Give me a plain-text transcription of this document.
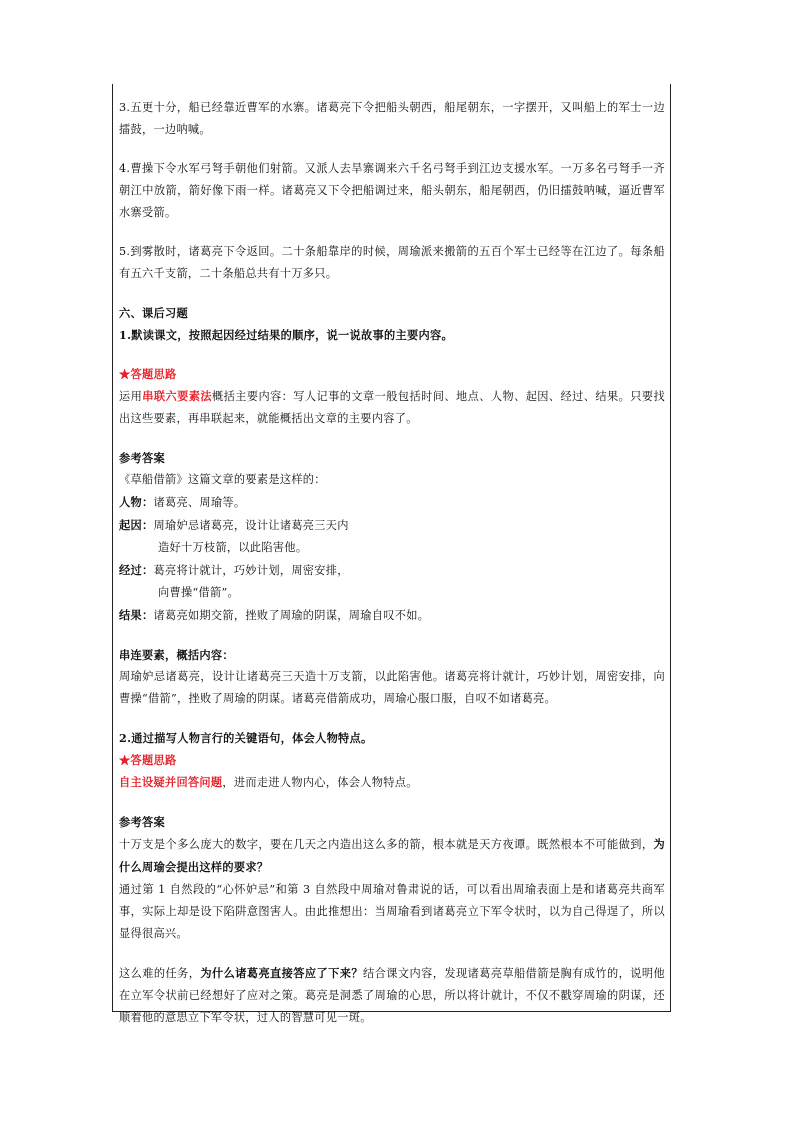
3.五更十分，船已经靠近曹军的水寨。诸葛亮下令把船头朝西，船尾朝东，一字摆开，又叫船上的军士一边擂鼓，一边呐喊。

4.曹操下令水军弓弩手朝他们射箭。又派人去旱寨调来六千名弓弩手到江边支援水军。一万多名弓弩手一齐朝江中放箭，箭好像下雨一样。诸葛亮又下令把船调过来，船头朝东，船尾朝西，仍旧擂鼓呐喊，逼近曹军水寨受箭。

5.到雾散时，诸葛亮下令返回。二十条船靠岸的时候，周瑜派来搬箭的五百个军士已经等在江边了。每条船有五六千支箭，二十条船总共有十万多只。

六、课后习题

1.默读课文，按照起因经过结果的顺序，说一说故事的主要内容。

★答题思路

运用串联六要素法概括主要内容：写人记事的文章一般包括时间、地点、人物、起因、经过、结果。只要找出这些要素，再串联起来，就能概括出文章的主要内容了。

参考答案

《草船借箭》这篇文章的要素是这样的：

人物：诸葛亮、周瑜等。

起因：周瑜妒忌诸葛亮，设计让诸葛亮三天内

造好十万枝箭，以此陷害他。

经过：葛亮将计就计，巧妙计划，周密安排，

向曹操“借箭”。

结果：诸葛亮如期交箭，挫败了周瑜的阴谋，周瑜自叹不如。

串连要素，概括内容：

周瑜妒忌诸葛亮，设计让诸葛亮三天造十万支箭，以此陷害他。诸葛亮将计就计，巧妙计划，周密安排，向曹操“借箭”，挫败了周瑜的阴谋。诸葛亮借箭成功，周瑜心服口服，自叹不如诸葛亮。

2.通过描写人物言行的关键语句，体会人物特点。

★答题思路

自主设疑并回答问题，进而走进人物内心，体会人物特点。

参考答案

十万支是个多么庞大的数字，要在几天之内造出这么多的箭，根本就是天方夜谭。既然根本不可能做到，为什么周瑜会提出这样的要求？

通过第 1 自然段的“心怀妒忌”和第 3 自然段中周瑜对鲁肃说的话，可以看出周瑜表面上是和诸葛亮共商军事，实际上却是设下陷阱意图害人。由此推想出：当周瑜看到诸葛亮立下军令状时，以为自己得逞了，所以显得很高兴。

这么难的任务，为什么诸葛亮直接答应了下来？结合课文内容，发现诸葛亮草船借箭是胸有成竹的，说明他在立军令状前已经想好了应对之策。葛亮是洞悉了周瑜的心思，所以将计就计，不仅不戳穿周瑜的阴谋，还顺着他的意思立下军令状，过人的智慧可见一斑。
